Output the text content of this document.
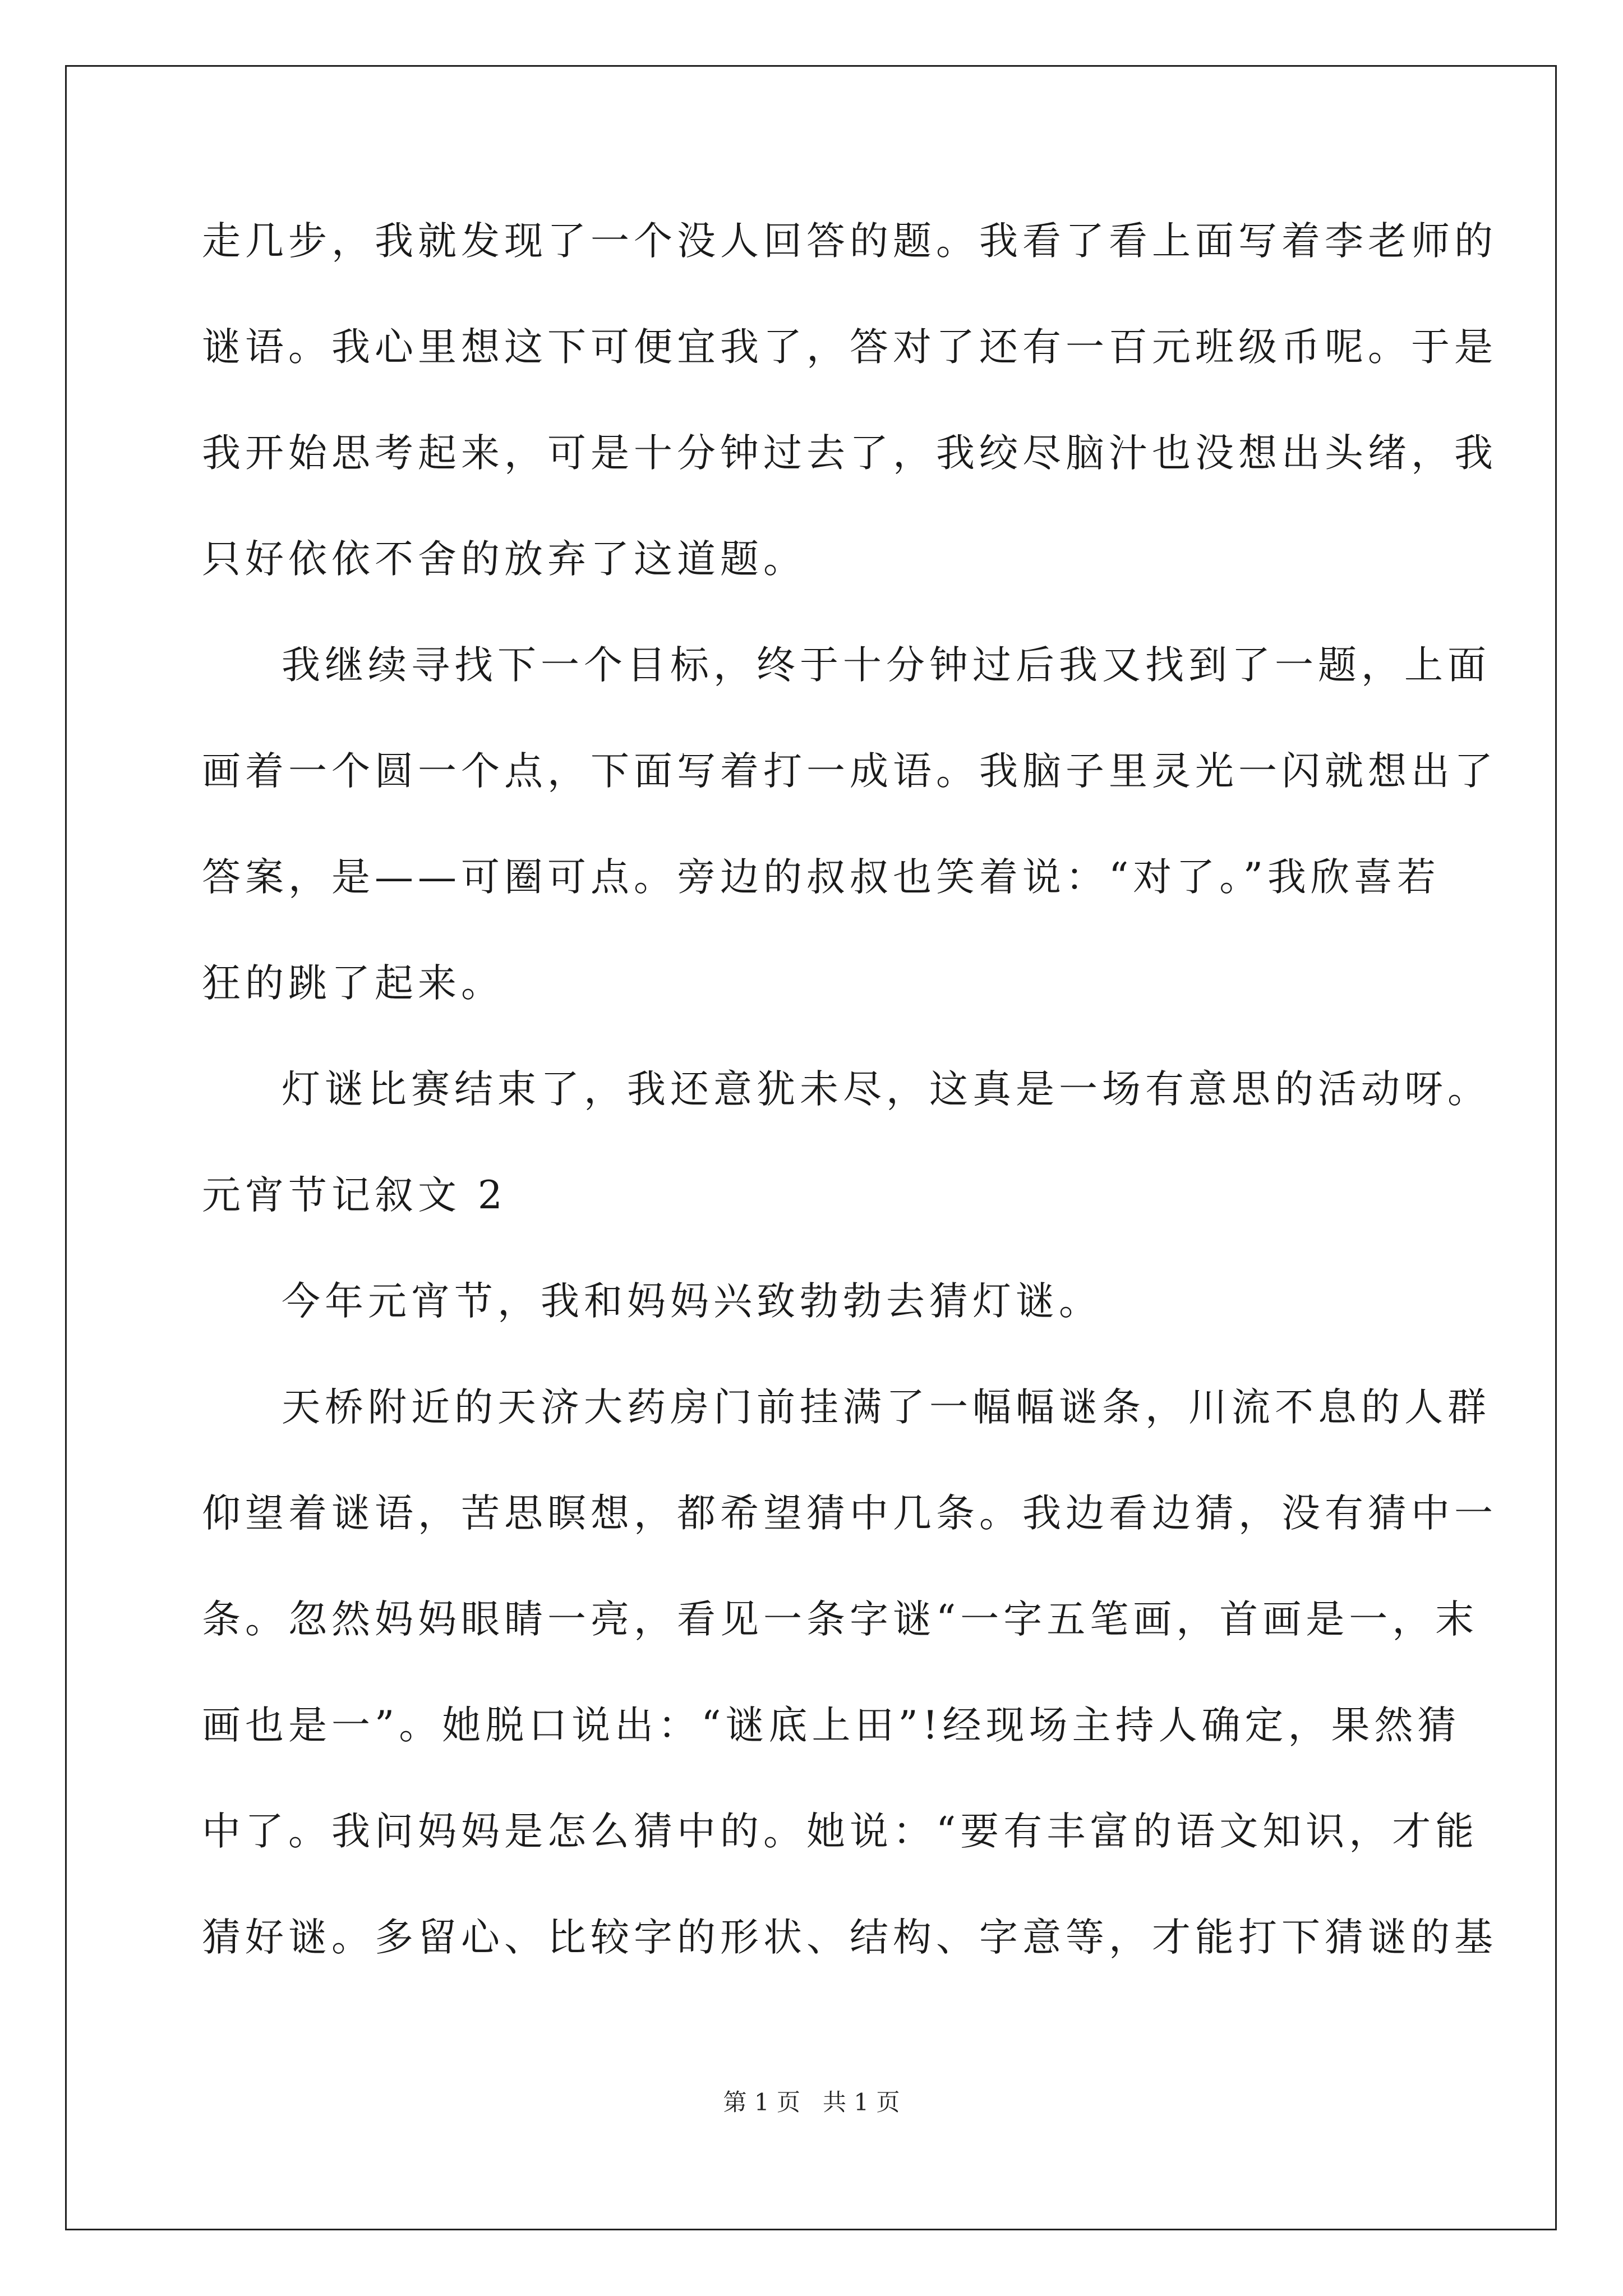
走几步，我就发现了一个没人回答的题。我看了看上面写着李老师的
谜语。我心里想这下可便宜我了，答对了还有一百元班级币呢。于是
我开始思考起来，可是十分钟过去了，我绞尽脑汁也没想出头绪，我
只好依依不舍的放弃了这道题。
我继续寻找下一个目标，终于十分钟过后我又找到了一题，上面
画着一个圆一个点，下面写着打一成语。我脑子里灵光一闪就想出了
答案，是——可圈可点。旁边的叔叔也笑着说：“对了。”我欣喜若
狂的跳了起来。
灯谜比赛结束了，我还意犹未尽，这真是一场有意思的活动呀。
元宵节记叙文 2
今年元宵节，我和妈妈兴致勃勃去猜灯谜。
天桥附近的天济大药房门前挂满了一幅幅谜条，川流不息的人群
仰望着谜语，苦思瞑想，都希望猜中几条。我边看边猜，没有猜中一
条。忽然妈妈眼睛一亮，看见一条字谜“一字五笔画，首画是一，末
画也是一”。她脱口说出：“谜底上田”!经现场主持人确定，果然猜
中了。我问妈妈是怎么猜中的。她说：“要有丰富的语文知识，才能
猜好谜。多留心、比较字的形状、结构、字意等，才能打下猜谜的基
第 1 页   共 1 页
